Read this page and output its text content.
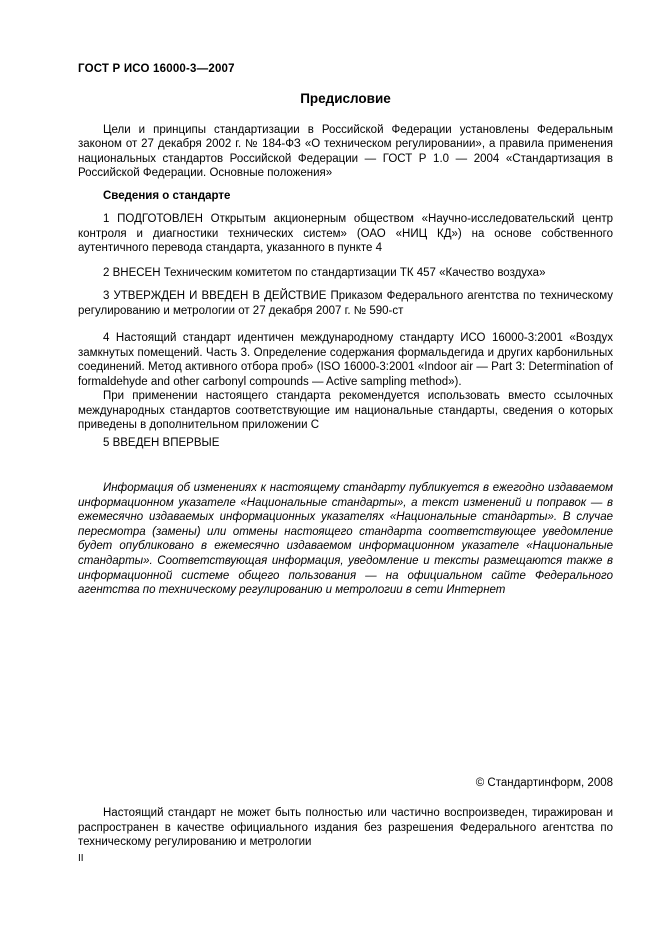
ГОСТ Р ИСО 16000-3—2007
Предисловие

Цели и принципы стандартизации в Российской Федерации установлены Федеральным законом от 27 декабря 2002 г. № 184-ФЗ «О техническом регулировании», а правила применения национальных стандартов Российской Федерации — ГОСТ Р 1.0 — 2004 «Стандартизация в Российской Федерации. Основные положения»

Сведения о стандарте

1 ПОДГОТОВЛЕН Открытым акционерным обществом «Научно-исследовательский центр контроля и диагностики технических систем» (ОАО «НИЦ КД») на основе собственного аутентичного перевода стандарта, указанного в пункте 4

2 ВНЕСЕН Техническим комитетом по стандартизации ТК 457 «Качество воздуха»

3 УТВЕРЖДЕН И ВВЕДЕН В ДЕЙСТВИЕ Приказом Федерального агентства по техническому регулированию и метрологии от 27 декабря 2007 г. № 590-ст

4 Настоящий стандарт идентичен международному стандарту ИСО 16000-3:2001 «Воздух замкнутых помещений. Часть 3. Определение содержания формальдегида и других карбонильных соединений. Метод активного отбора проб» (ISO 16000-3:2001 «Indoor air — Part 3: Determination of formaldehyde and other carbonyl compounds — Active sampling method»).

При применении настоящего стандарта рекомендуется использовать вместо ссылочных международных стандартов соответствующие им национальные стандарты, сведения о которых приведены в дополнительном приложении С

5 ВВЕДЕН ВПЕРВЫЕ

Информация об изменениях к настоящему стандарту публикуется в ежегодно издаваемом информационном указателе «Национальные стандарты», а текст изменений и поправок — в ежемесячно издаваемых информационных указателях «Национальные стандарты». В случае пересмотра (замены) или отмены настоящего стандарта соответствующее уведомление будет опубликовано в ежемесячно издаваемом информационном указателе «Национальные стандарты». Соответствующая информация, уведомление и тексты размещаются также в информационной системе общего пользования — на официальном сайте Федерального агентства по техническому регулированию и метрологии в сети Интернет

© Стандартинформ, 2008

Настоящий стандарт не может быть полностью или частично воспроизведен, тиражирован и распространен в качестве официального издания без разрешения Федерального агентства по техническому регулированию и метрологии

II
